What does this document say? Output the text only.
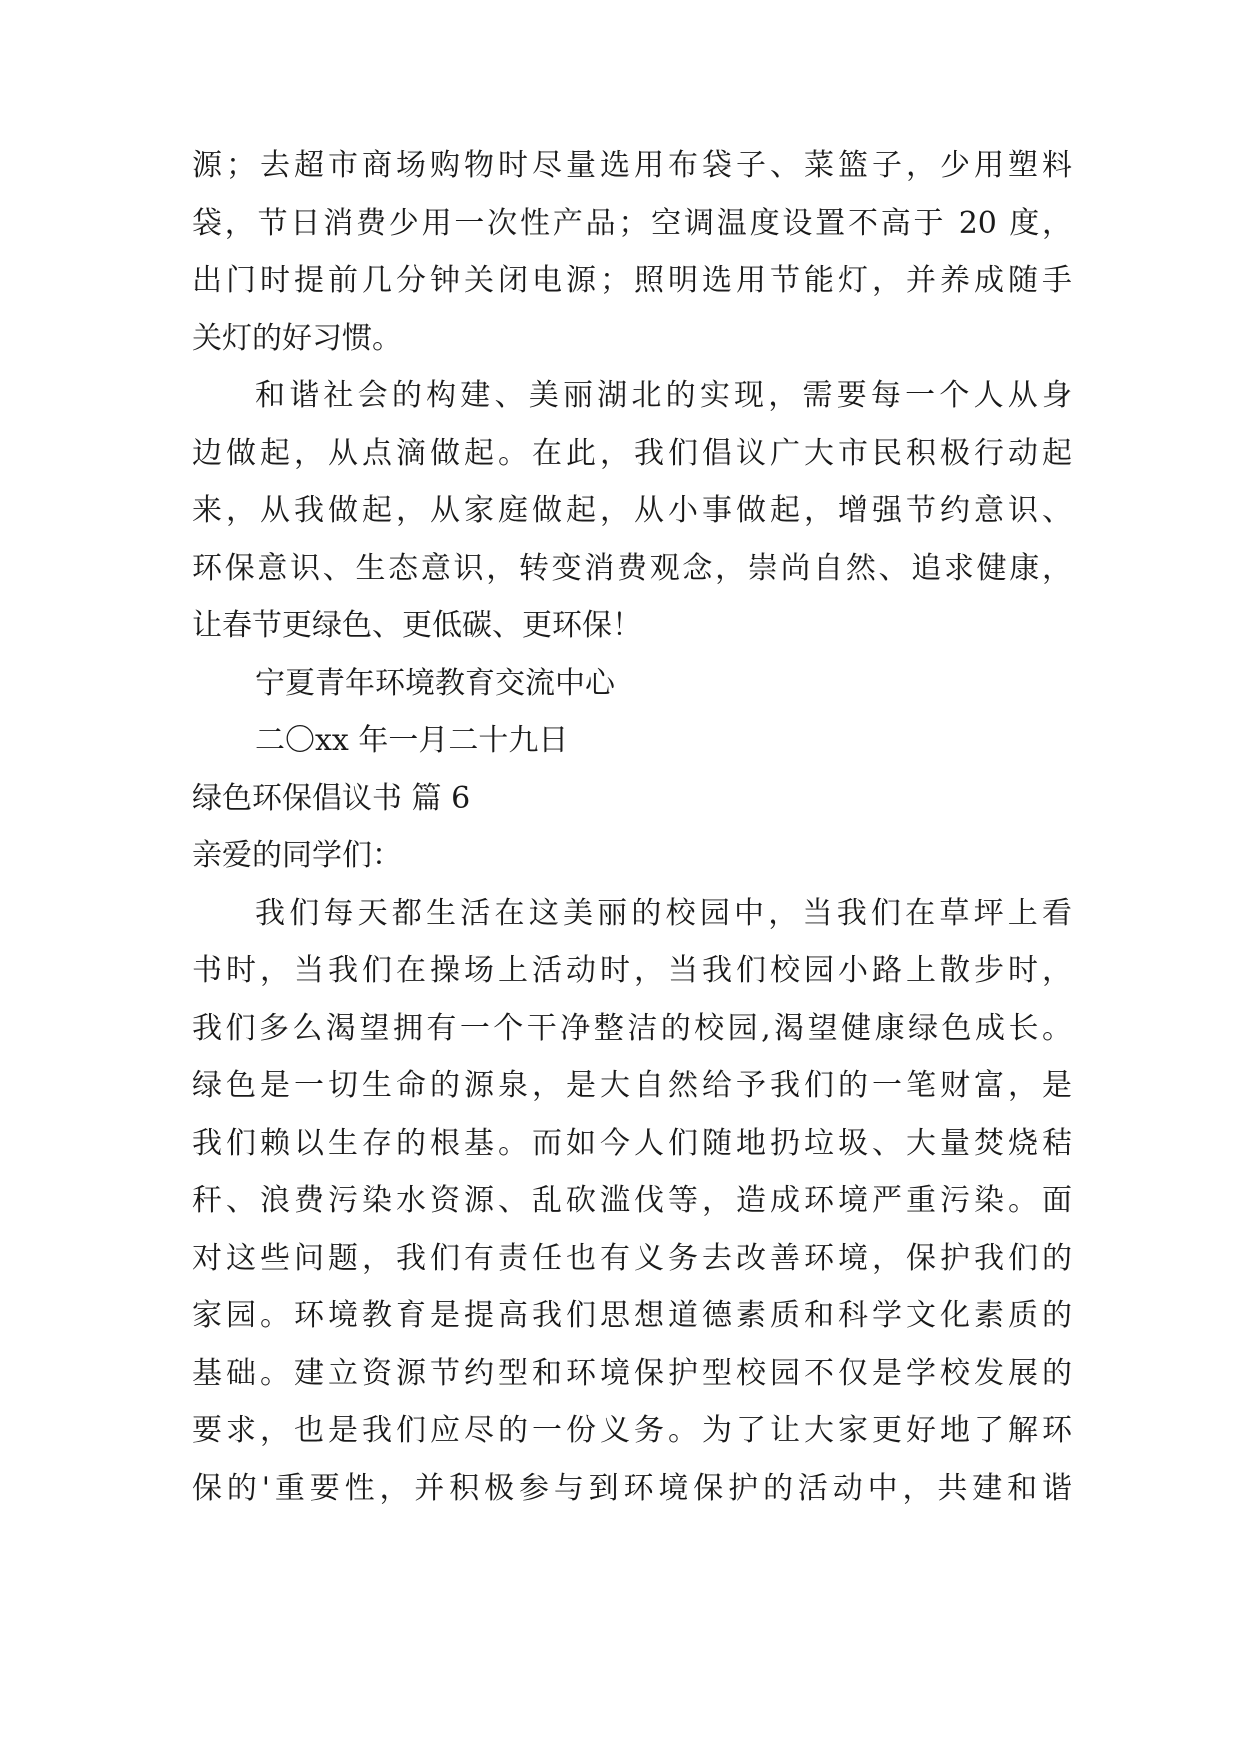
源；去超市商场购物时尽量选用布袋子、菜篮子，少用塑料
袋，节日消费少用一次性产品；空调温度设置不高于 20 度，
出门时提前几分钟关闭电源；照明选用节能灯，并养成随手
关灯的好习惯。
和谐社会的构建、美丽湖北的实现，需要每一个人从身
边做起，从点滴做起。在此，我们倡议广大市民积极行动起
来，从我做起，从家庭做起，从小事做起，增强节约意识、
环保意识、生态意识，转变消费观念，崇尚自然、追求健康，
让春节更绿色、更低碳、更环保！
宁夏青年环境教育交流中心
二〇xx 年一月二十九日
绿色环保倡议书 篇 6
亲爱的同学们：
我们每天都生活在这美丽的校园中，当我们在草坪上看
书时，当我们在操场上活动时，当我们校园小路上散步时，
我们多么渴望拥有一个干净整洁的校园,渴望健康绿色成长。
绿色是一切生命的源泉，是大自然给予我们的一笔财富，是
我们赖以生存的根基。而如今人们随地扔垃圾、大量焚烧秸
秆、浪费污染水资源、乱砍滥伐等，造成环境严重污染。面
对这些问题，我们有责任也有义务去改善环境，保护我们的
家园。环境教育是提高我们思想道德素质和科学文化素质的
基础。建立资源节约型和环境保护型校园不仅是学校发展的
要求，也是我们应尽的一份义务。为了让大家更好地了解环
保的'重要性，并积极参与到环境保护的活动中，共建和谐
